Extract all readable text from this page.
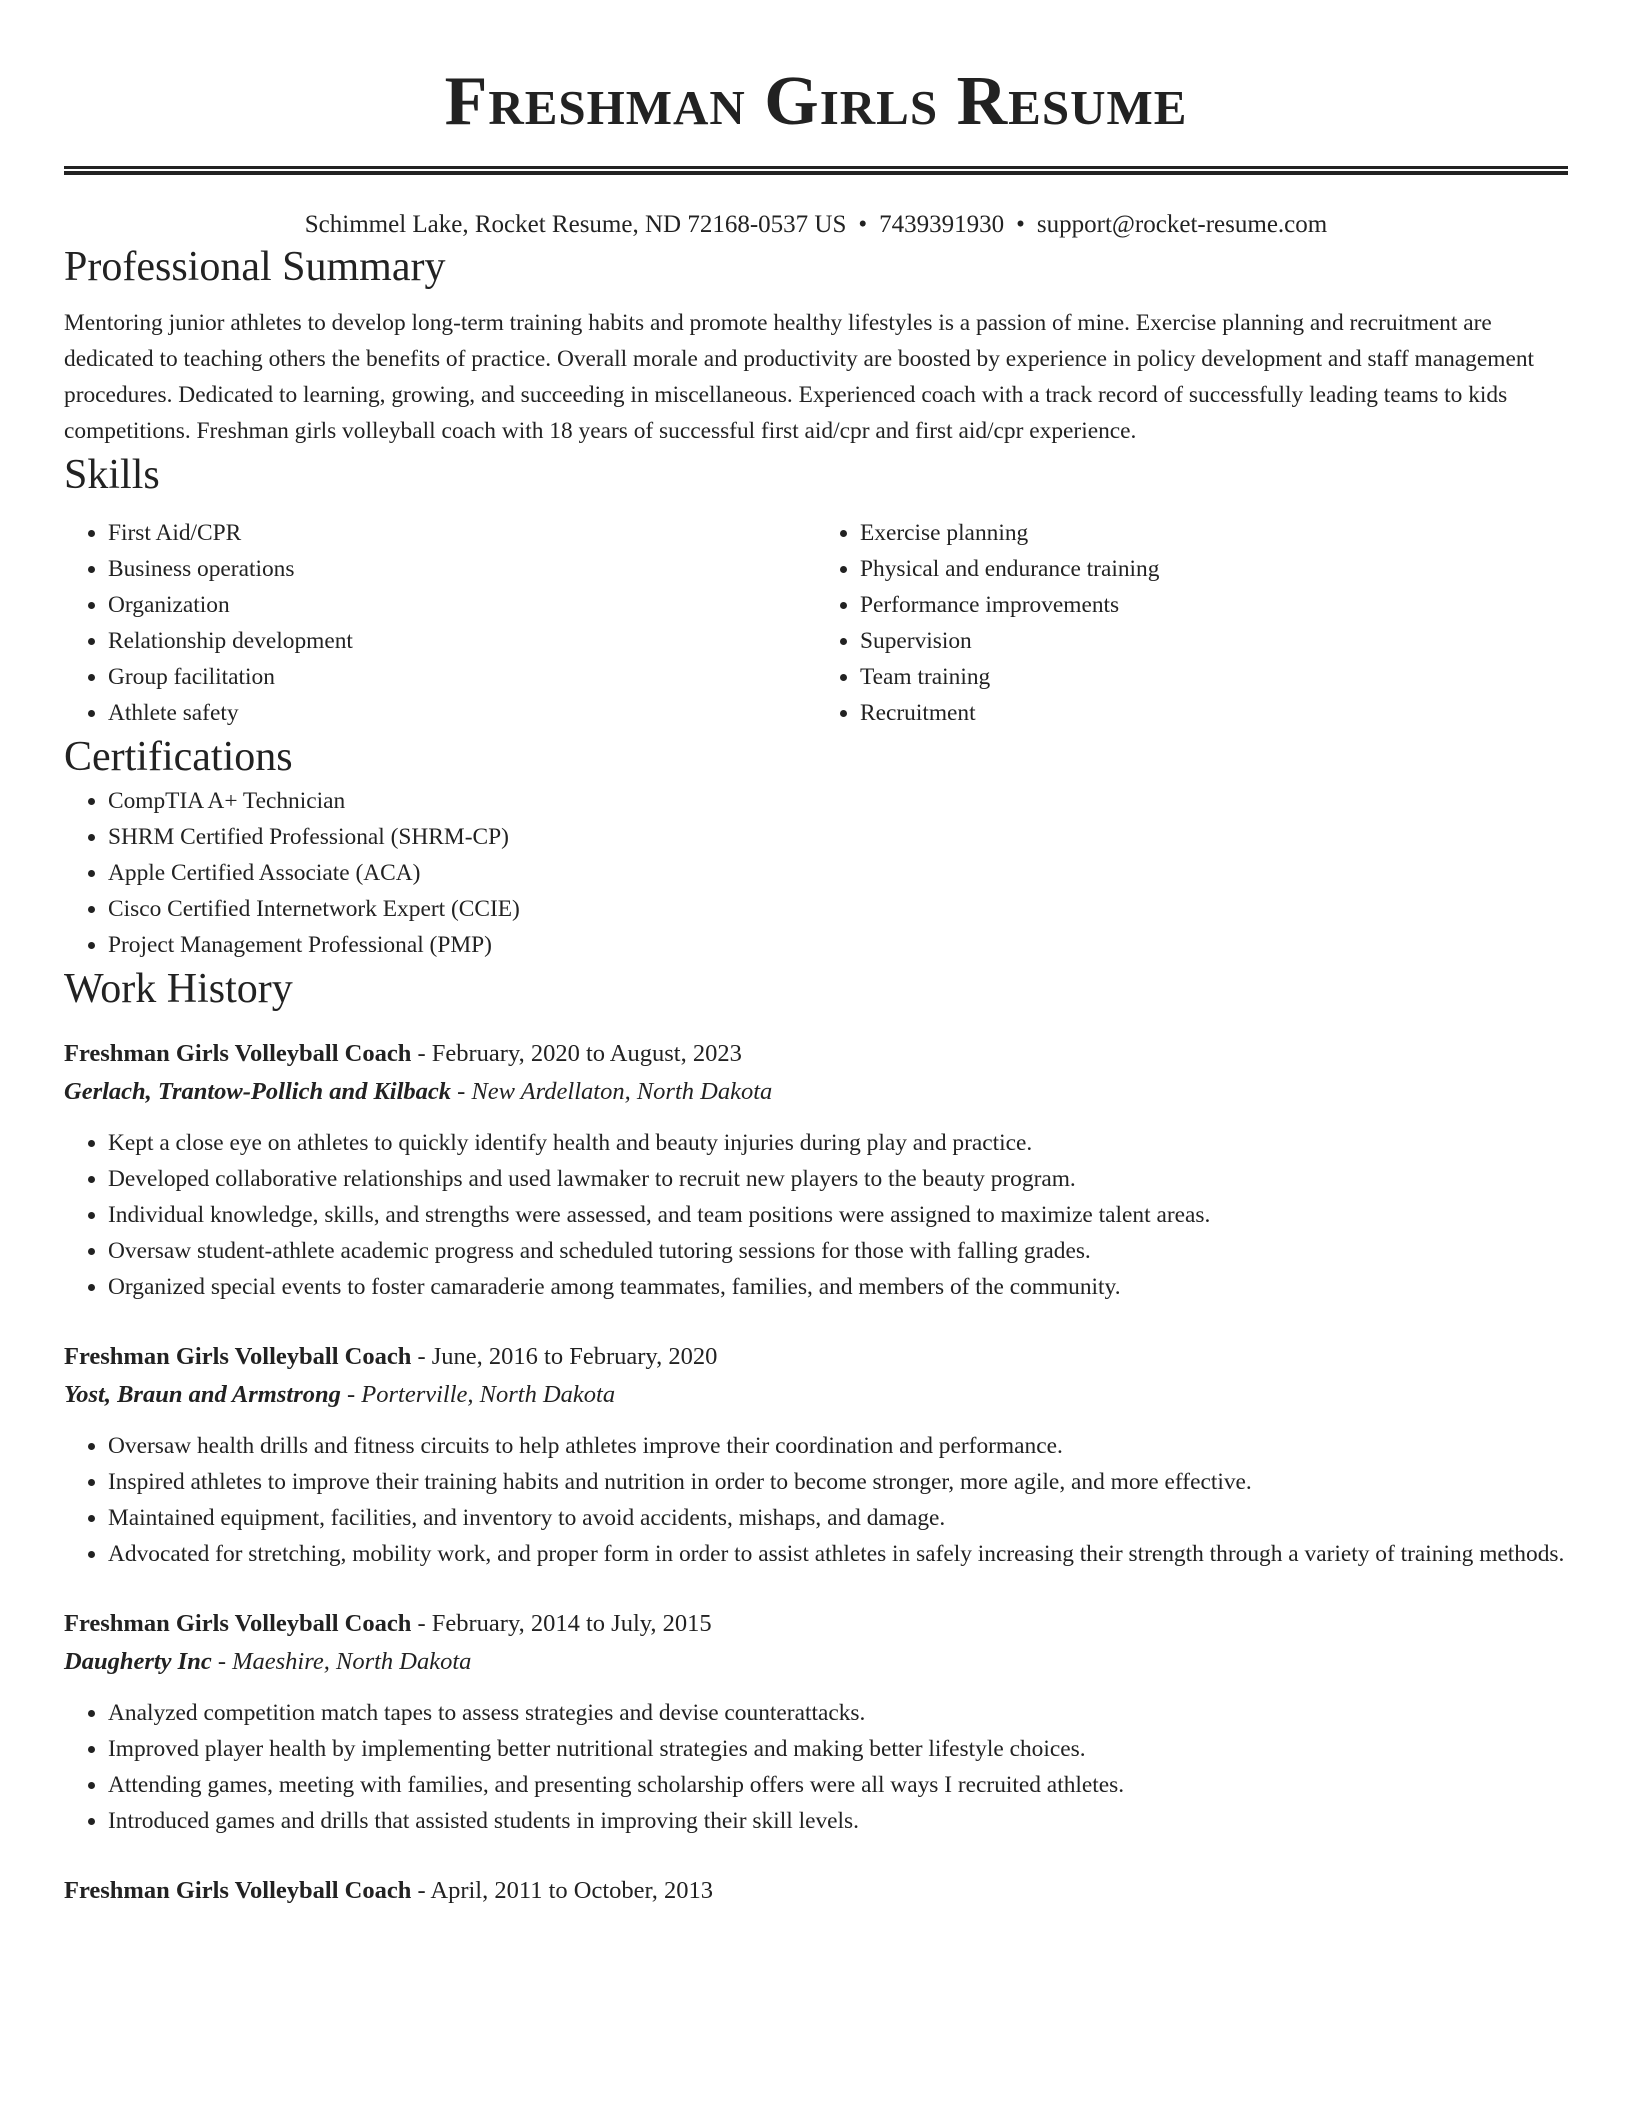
Freshman Girls Resume
Schimmel Lake, Rocket Resume, ND 72168-0537 US • 7439391930 • support@rocket-resume.com
Professional Summary

Mentoring junior athletes to develop long-term training habits and promote healthy lifestyles is a passion of mine. Exercise planning and recruitment are dedicated to teaching others the benefits of practice. Overall morale and productivity are boosted by experience in policy development and staff management procedures. Dedicated to learning, growing, and succeeding in miscellaneous. Experienced coach with a track record of successfully leading teams to kids competitions. Freshman girls volleyball coach with 18 years of successful first aid/cpr and first aid/cpr experience.

Skills
• First Aid/CPR
• Business operations
• Organization
• Relationship development
• Group facilitation
• Athlete safety
• Exercise planning
• Physical and endurance training
• Performance improvements
• Supervision
• Team training
• Recruitment
Certifications
• CompTIA A+ Technician
• SHRM Certified Professional (SHRM-CP)
• Apple Certified Associate (ACA)
• Cisco Certified Internetwork Expert (CCIE)
• Project Management Professional (PMP)
Work History
Freshman Girls Volleyball Coach - February, 2020 to August, 2023
Gerlach, Trantow-Pollich and Kilback - New Ardellaton, North Dakota
• Kept a close eye on athletes to quickly identify health and beauty injuries during play and practice.
• Developed collaborative relationships and used lawmaker to recruit new players to the beauty program.
• Individual knowledge, skills, and strengths were assessed, and team positions were assigned to maximize talent areas.
• Oversaw student-athlete academic progress and scheduled tutoring sessions for those with falling grades.
• Organized special events to foster camaraderie among teammates, families, and members of the community.
Freshman Girls Volleyball Coach - June, 2016 to February, 2020
Yost, Braun and Armstrong - Porterville, North Dakota
• Oversaw health drills and fitness circuits to help athletes improve their coordination and performance.
• Inspired athletes to improve their training habits and nutrition in order to become stronger, more agile, and more effective.
• Maintained equipment, facilities, and inventory to avoid accidents, mishaps, and damage.
• Advocated for stretching, mobility work, and proper form in order to assist athletes in safely increasing their strength through a variety of training methods.
Freshman Girls Volleyball Coach - February, 2014 to July, 2015
Daugherty Inc - Maeshire, North Dakota
• Analyzed competition match tapes to assess strategies and devise counterattacks.
• Improved player health by implementing better nutritional strategies and making better lifestyle choices.
• Attending games, meeting with families, and presenting scholarship offers were all ways I recruited athletes.
• Introduced games and drills that assisted students in improving their skill levels.
Freshman Girls Volleyball Coach - April, 2011 to October, 2013
